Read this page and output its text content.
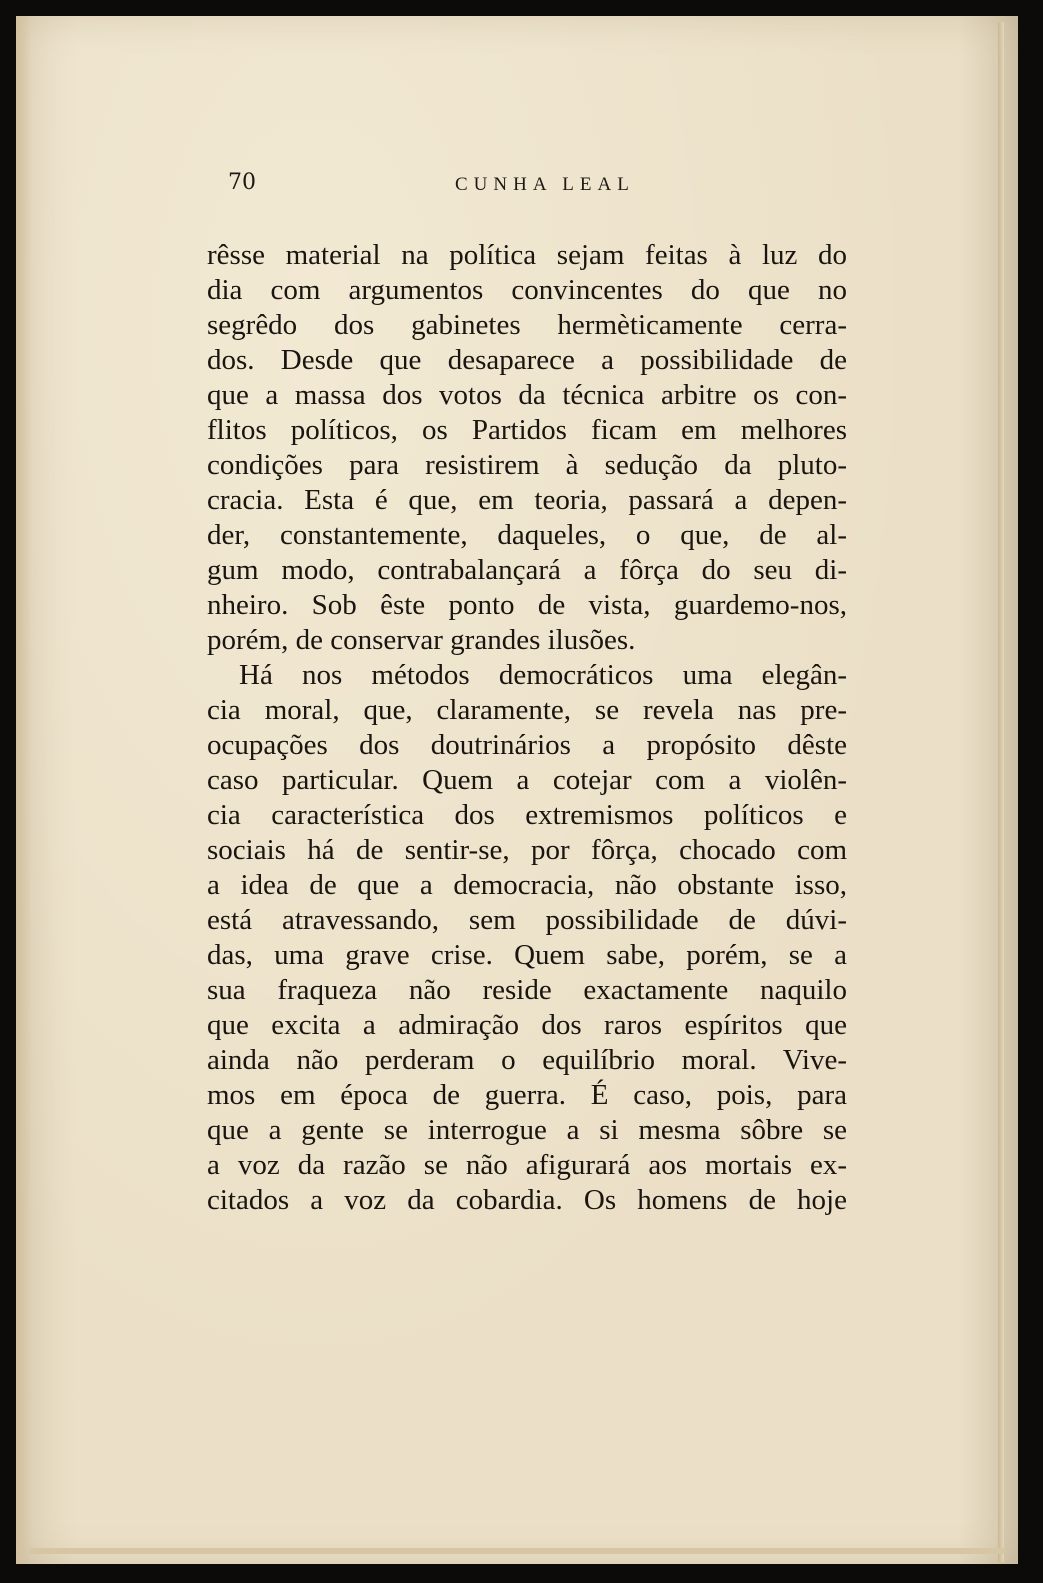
70	CUNHA LEAL
rêsse material na política sejam feitas à luz do
dia com argumentos convincentes do que no
segrêdo dos gabinetes hermèticamente cerra-
dos. Desde que desaparece a possibilidade de
que a massa dos votos da técnica arbitre os con-
flitos políticos, os Partidos ficam em melhores
condições para resistirem à sedução da pluto-
cracia. Esta é que, em teoria, passará a depen-
der, constantemente, daqueles, o que, de al-
gum modo, contrabalançará a fôrça do seu di-
nheiro. Sob êste ponto de vista, guardemo-nos,
porém, de conservar grandes ilusões.
Há nos métodos democráticos uma elegân-
cia moral, que, claramente, se revela nas pre-
ocupações dos doutrinários a propósito dêste
caso particular. Quem a cotejar com a violên-
cia característica dos extremismos políticos e
sociais há de sentir-se, por fôrça, chocado com
a idea de que a democracia, não obstante isso,
está atravessando, sem possibilidade de dúvi-
das, uma grave crise. Quem sabe, porém, se a
sua fraqueza não reside exactamente naquilo
que excita a admiração dos raros espíritos que
ainda não perderam o equilíbrio moral. Vive-
mos em época de guerra. É caso, pois, para
que a gente se interrogue a si mesma sôbre se
a voz da razão se não afigurará aos mortais ex-
citados a voz da cobardia. Os homens de hoje
